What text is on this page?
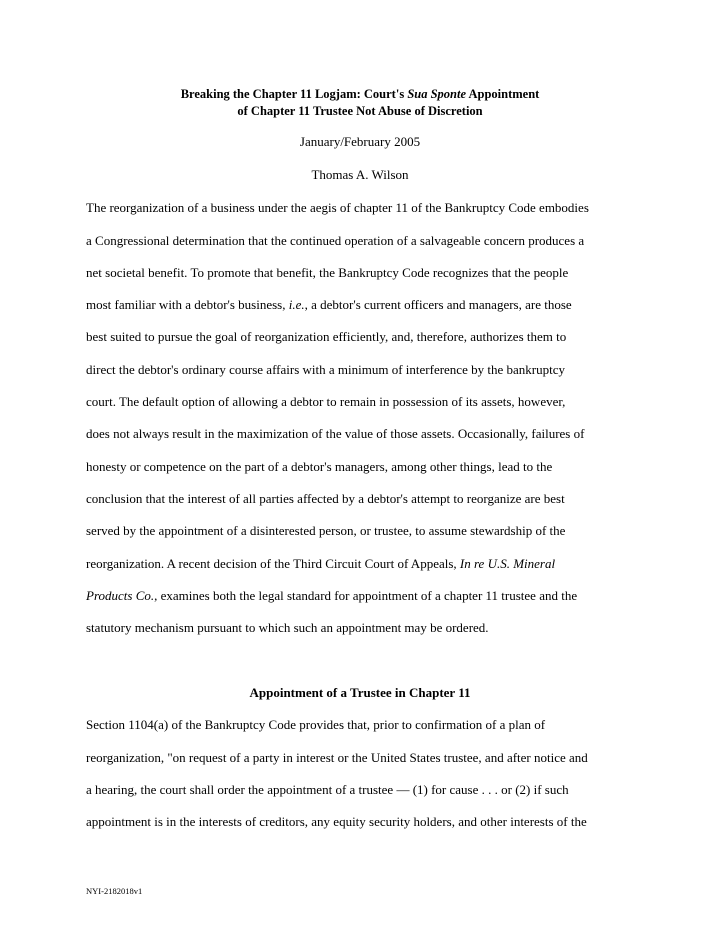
Breaking the Chapter 11 Logjam: Court's Sua Sponte Appointment
of Chapter 11 Trustee Not Abuse of Discretion
January/February 2005
Thomas A. Wilson
The reorganization of a business under the aegis of chapter 11 of the Bankruptcy Code embodies
a Congressional determination that the continued operation of a salvageable concern produces a
net societal benefit. To promote that benefit, the Bankruptcy Code recognizes that the people
most familiar with a debtor's business, i.e., a debtor's current officers and managers, are those
best suited to pursue the goal of reorganization efficiently, and, therefore, authorizes them to
direct the debtor's ordinary course affairs with a minimum of interference by the bankruptcy
court. The default option of allowing a debtor to remain in possession of its assets, however,
does not always result in the maximization of the value of those assets. Occasionally, failures of
honesty or competence on the part of a debtor's managers, among other things, lead to the
conclusion that the interest of all parties affected by a debtor's attempt to reorganize are best
served by the appointment of a disinterested person, or trustee, to assume stewardship of the
reorganization. A recent decision of the Third Circuit Court of Appeals, In re U.S. Mineral
Products Co., examines both the legal standard for appointment of a chapter 11 trustee and the
statutory mechanism pursuant to which such an appointment may be ordered.
Appointment of a Trustee in Chapter 11
Section 1104(a) of the Bankruptcy Code provides that, prior to confirmation of a plan of
reorganization, "on request of a party in interest or the United States trustee, and after notice and
a hearing, the court shall order the appointment of a trustee — (1) for cause . . . or (2) if such
appointment is in the interests of creditors, any equity security holders, and other interests of the
NYI-2182018v1
